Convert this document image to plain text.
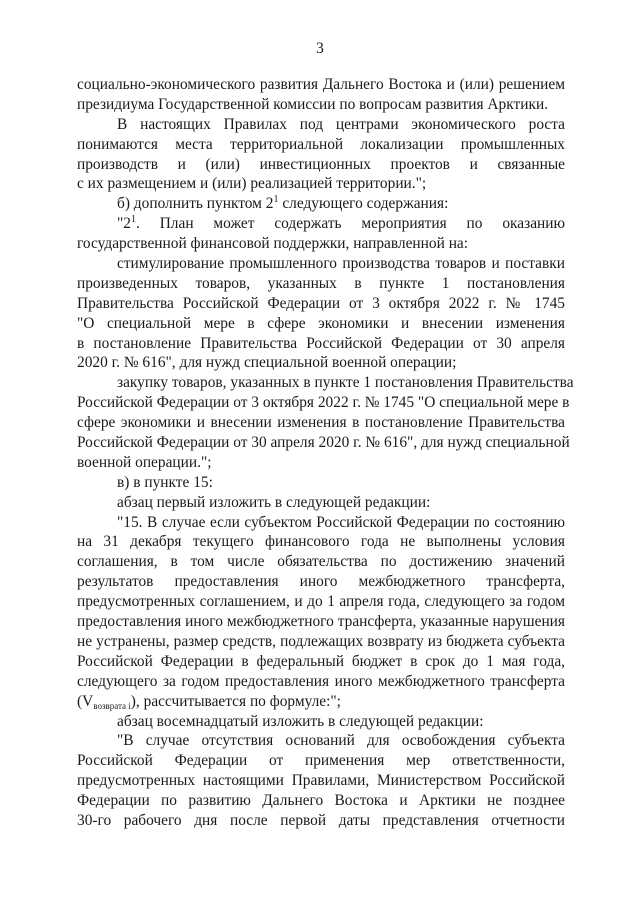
3
социально-экономического развития Дальнего Востока и (или) решением
президиума Государственной комиссии по вопросам развития Арктики.
В настоящих Правилах под центрами экономического роста
понимаются места территориальной локализации промышленных
производств и (или) инвестиционных проектов и связанные
с их размещением и (или) реализацией территории.";
б) дополнить пунктом $2^1$ следующего содержания:
"$2^1$. План может содержать мероприятия по оказанию
государственной финансовой поддержки, направленной на:
стимулирование промышленного производства товаров и поставки
произведенных товаров, указанных в пункте 1 постановления
Правительства Российской Федерации от 3 октября 2022 г. № 1745
"О специальной мере в сфере экономики и внесении изменения
в постановление Правительства Российской Федерации от 30 апреля
2020 г. № 616", для нужд специальной военной операции;
закупку товаров, указанных в пункте 1 постановления Правительства
Российской Федерации от 3 октября 2022 г. № 1745 "О специальной мере в
сфере экономики и внесении изменения в постановление Правительства
Российской Федерации от 30 апреля 2020 г. № 616", для нужд специальной
военной операции.";
в) в пункте 15:
абзац первый изложить в следующей редакции:
"15. В случае если субъектом Российской Федерации по состоянию
на 31 декабря текущего финансового года не выполнены условия
соглашения, в том числе обязательства по достижению значений
результатов предоставления иного межбюджетного трансферта,
предусмотренных соглашением, и до 1 апреля года, следующего за годом
предоставления иного межбюджетного трансферта, указанные нарушения
не устранены, размер средств, подлежащих возврату из бюджета субъекта
Российской Федерации в федеральный бюджет в срок до 1 мая года,
следующего за годом предоставления иного межбюджетного трансферта
$(V_{возврата i})$, рассчитывается по формуле:";
абзац восемнадцатый изложить в следующей редакции:
"В случае отсутствия оснований для освобождения субъекта
Российской Федерации от применения мер ответственности,
предусмотренных настоящими Правилами, Министерством Российской
Федерации по развитию Дальнего Востока и Арктики не позднее
30-го рабочего дня после первой даты представления отчетности
